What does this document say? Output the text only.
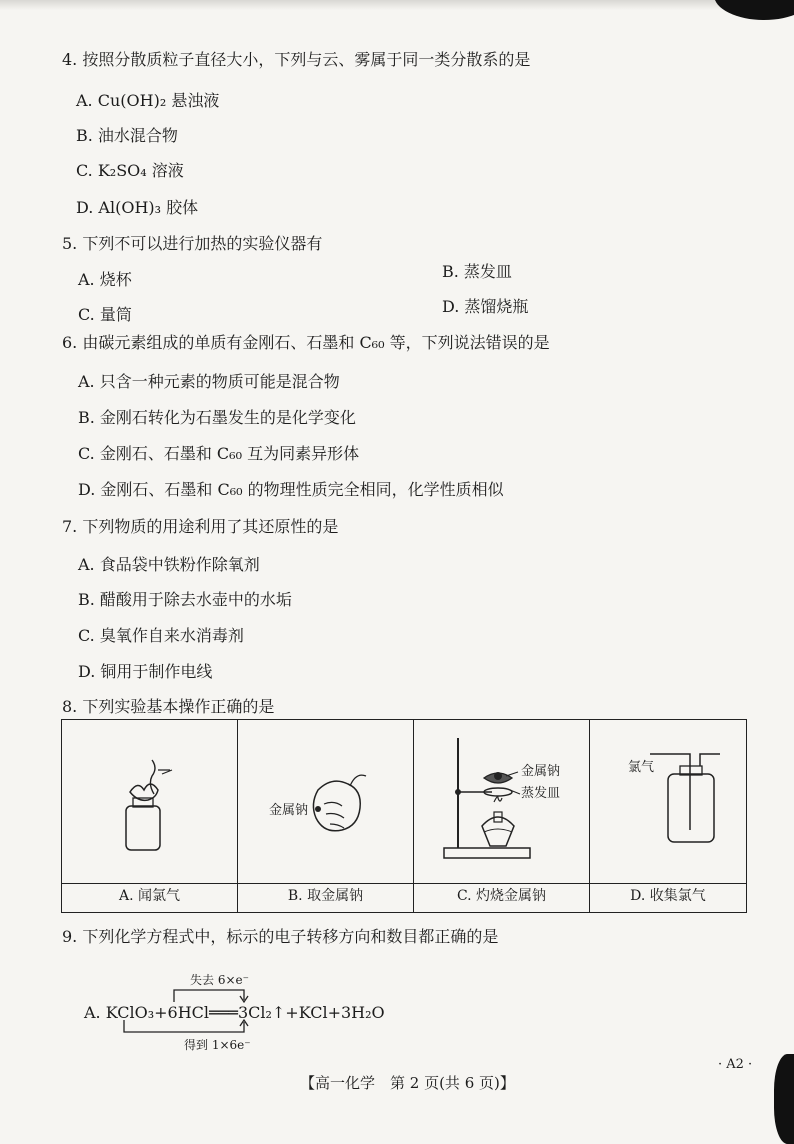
4. 按照分散质粒子直径大小，下列与云、雾属于同一类分散系的是
A. Cu(OH)₂ 悬浊液
B. 油水混合物
C. K₂SO₄ 溶液
D. Al(OH)₃ 胶体
5. 下列不可以进行加热的实验仪器有
A. 烧杯	B. 蒸发皿
C. 量筒	D. 蒸馏烧瓶
6. 由碳元素组成的单质有金刚石、石墨和 C₆₀ 等，下列说法错误的是
A. 只含一种元素的物质可能是混合物
B. 金刚石转化为石墨发生的是化学变化
C. 金刚石、石墨和 C₆₀ 互为同素异形体
D. 金刚石、石墨和 C₆₀ 的物理性质完全相同，化学性质相似
7. 下列物质的用途利用了其还原性的是
A. 食品袋中铁粉作除氧剂
B. 醋酸用于除去水壶中的水垢
C. 臭氧作自来水消毒剂
D. 铜用于制作电线
8. 下列实验基本操作正确的是
A. 闻氯气
金属钠
B. 取金属钠
金属钠
蒸发皿
C. 灼烧金属钠
氯气
D. 收集氯气
9. 下列化学方程式中，标示的电子转移方向和数目都正确的是
失去 6×e⁻
A. KClO₃+6HCl═══3Cl₂↑+KCl+3H₂O
得到 1×6e⁻
【高一化学　第 2 页(共 6 页)】
· A2 ·
